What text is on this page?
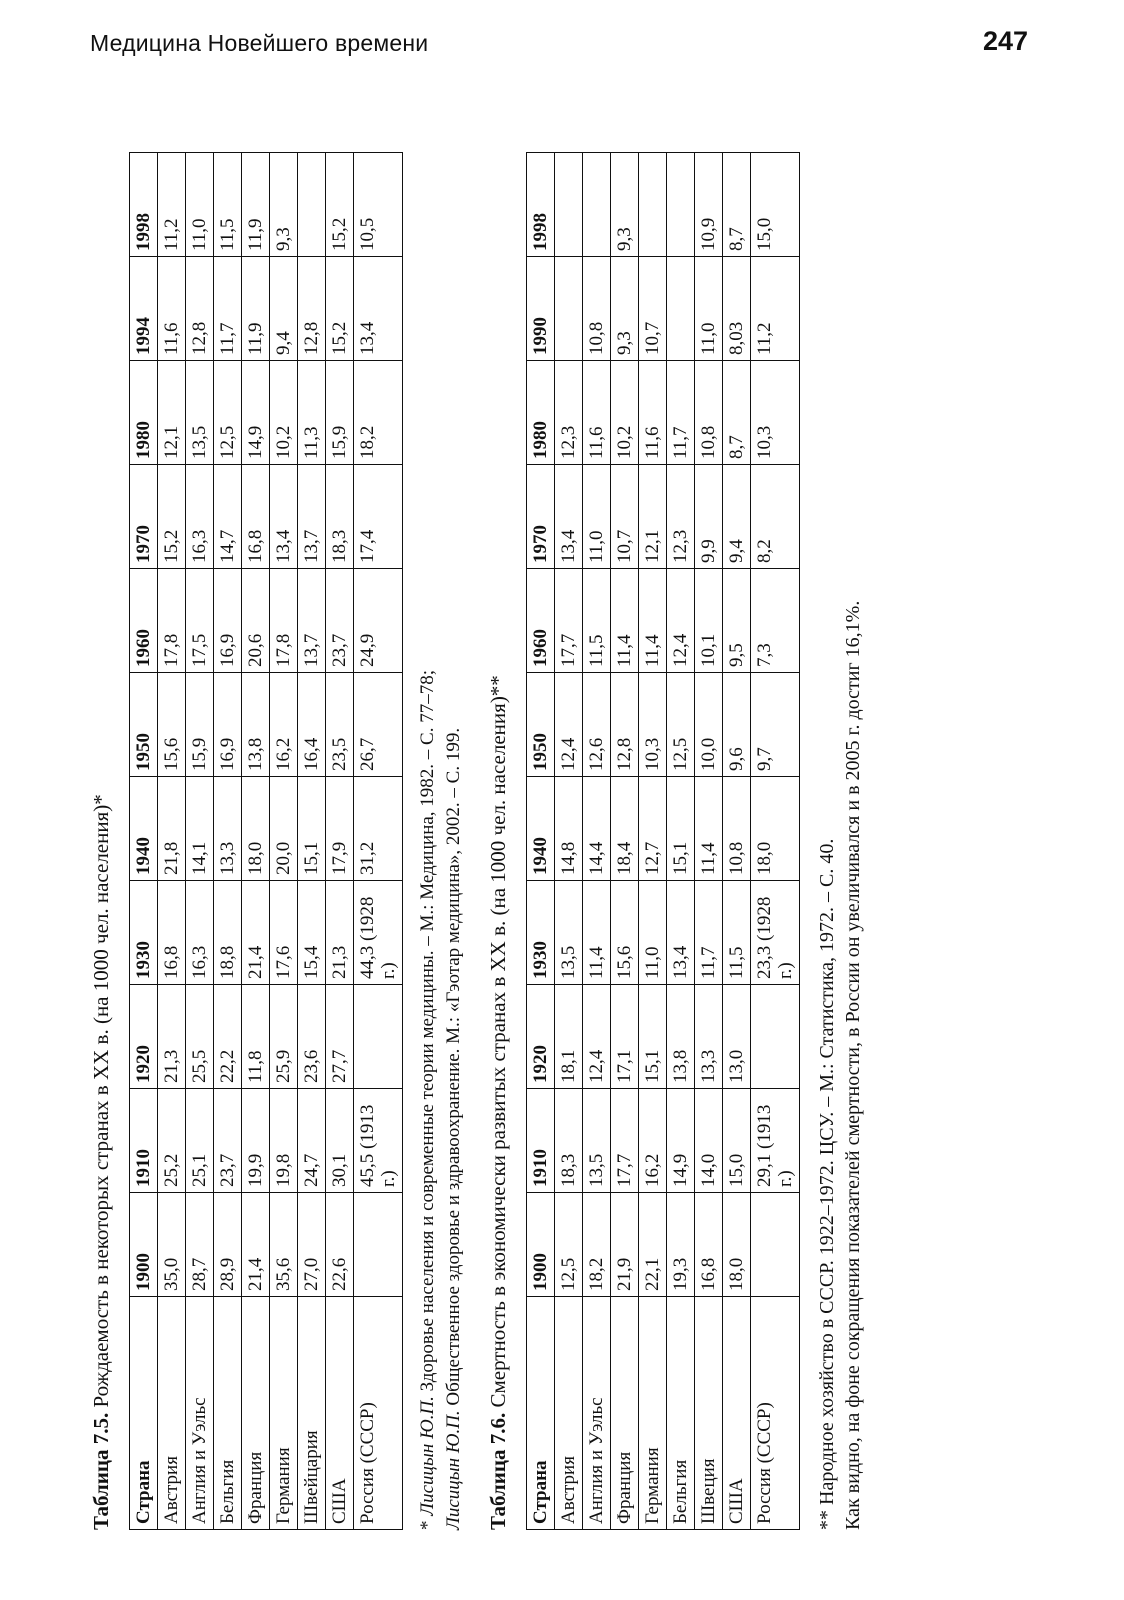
Медицина Новейшего времени	247

Таблица 7.5. Рождаемость в некоторых странах в XX в. (на 1000 чел. населения)*

Страна	1900	1910	1920	1930	1940	1950	1960	1970	1980	1994	1998
Австрия	35,0	25,2	21,3	16,8	21,8	15,6	17,8	15,2	12,1	11,6	11,2
Англия и Уэльс	28,7	25,1	25,5	16,3	14,1	15,9	17,5	16,3	13,5	12,8	11,0
Бельгия	28,9	23,7	22,2	18,8	13,3	16,9	16,9	14,7	12,5	11,7	11,5
Франция	21,4	19,9	11,8	21,4	18,0	13,8	20,6	16,8	14,9	11,9	11,9
Германия	35,6	19,8	25,9	17,6	20,0	16,2	17,8	13,4	10,2	9,4	9,3
Швейцария	27,0	24,7	23,6	15,4	15,1	16,4	13,7	13,7	11,3	12,8	
США	22,6	30,1	27,7	21,3	17,9	23,5	23,7	18,3	15,9	15,2	15,2
Россия (СССР)		45,5 (1913 г.)		44,3 (1928 г.)	31,2	26,7	24,9	17,4	18,2	13,4	10,5
* Лисицын Ю.П. Здоровье населения и современные теории медицины. – М.: Медицина, 1982. – С. 77–78;
Лисицын Ю.П. Общественное здоровье и здравоохранение. М.: «Гэотар медицина», 2002. – С. 199.

Таблица 7.6. Смертность в экономически развитых странах в XX в. (на 1000 чел. населения)**

Страна	1900	1910	1920	1930	1940	1950	1960	1970	1980	1990	1998
Австрия	12,5	18,3	18,1	13,5	14,8	12,4	17,7	13,4	12,3		
Англия и Уэльс	18,2	13,5	12,4	11,4	14,4	12,6	11,5	11,0	11,6	10,8	
Франция	21,9	17,7	17,1	15,6	18,4	12,8	11,4	10,7	10,2	9,3	9,3
Германия	22,1	16,2	15,1	11,0	12,7	10,3	11,4	12,1	11,6	10,7	
Бельгия	19,3	14,9	13,8	13,4	15,1	12,5	12,4	12,3	11,7		
Швеция	16,8	14,0	13,3	11,7	11,4	10,0	10,1	9,9	10,8	11,0	10,9
США	18,0	15,0	13,0	11,5	10,8	9,6	9,5	9,4	8,7	8,03	8,7
Россия (СССР)		29,1 (1913 г.)		23,3 (1928 г.)	18,0	9,7	7,3	8,2	10,3	11,2	15,0
** Народное хозяйство в СССР. 1922–1972. ЦСУ. – М.: Статистика, 1972. – С. 40. Как видно, на фоне сокращения показателей смертности, в России он увеличивался и в 2005 г. достиг 16,1%.
